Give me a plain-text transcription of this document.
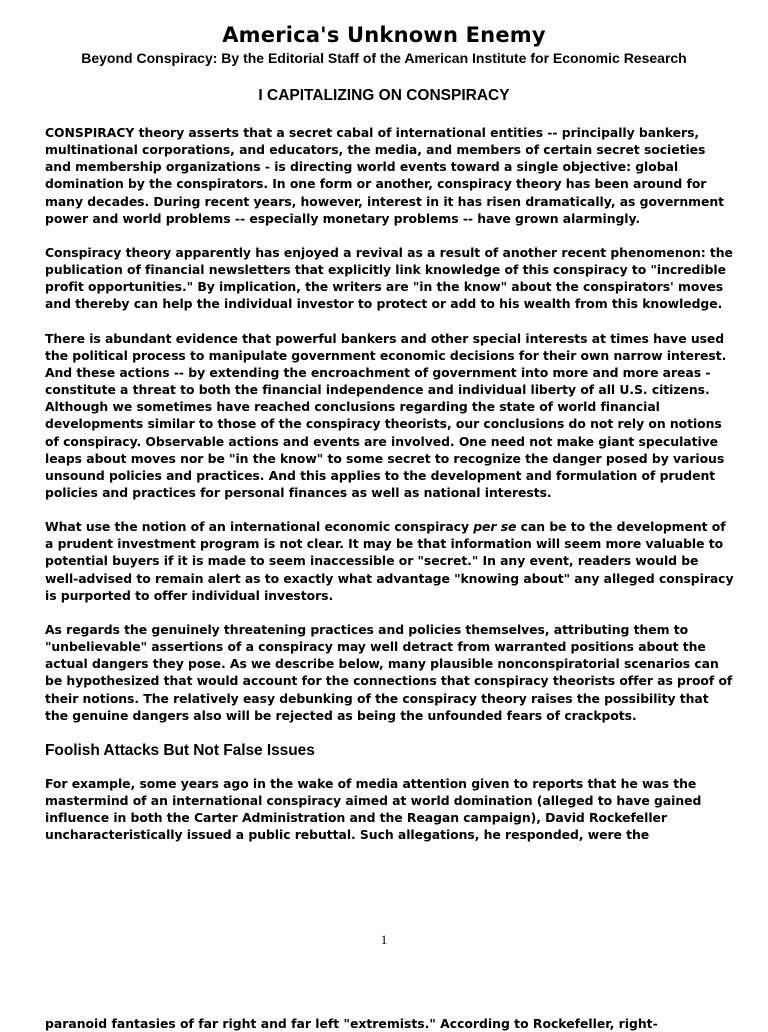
America's Unknown Enemy
Beyond Conspiracy: By the Editorial Staff of the American Institute for Economic Research
I CAPITALIZING ON CONSPIRACY

CONSPIRACY theory asserts that a secret cabal of international entities -- principally bankers, multinational corporations, and educators, the media, and members of certain secret societies and membership organizations - is directing world events toward a single objective: global domination by the conspirators. In one form or another, conspiracy theory has been around for many decades. During recent years, however, interest in it has risen dramatically, as government power and world problems -- especially monetary problems -- have grown alarmingly.

Conspiracy theory apparently has enjoyed a revival as a result of another recent phenomenon: the publication of financial newsletters that explicitly link knowledge of this conspiracy to "incredible profit opportunities." By implication, the writers are "in the know" about the conspirators' moves and thereby can help the individual investor to protect or add to his wealth from this knowledge.

There is abundant evidence that powerful bankers and other special interests at times have used the political process to manipulate government economic decisions for their own narrow interest. And these actions -- by extending the encroachment of government into more and more areas - constitute a threat to both the financial independence and individual liberty of all U.S. citizens. Although we sometimes have reached conclusions regarding the state of world financial developments similar to those of the conspiracy theorists, our conclusions do not rely on notions of conspiracy. Observable actions and events are involved. One need not make giant speculative leaps about moves nor be "in the know" to some secret to recognize the danger posed by various unsound policies and practices. And this applies to the development and formulation of prudent policies and practices for personal finances as well as national interests.

What use the notion of an international economic conspiracy per se can be to the development of a prudent investment program is not clear. It may be that information will seem more valuable to potential buyers if it is made to seem inaccessible or "secret." In any event, readers would be well-advised to remain alert as to exactly what advantage "knowing about" any alleged conspiracy is purported to offer individual investors.

As regards the genuinely threatening practices and policies themselves, attributing them to "unbelievable" assertions of a conspiracy may well detract from warranted positions about the actual dangers they pose. As we describe below, many plausible nonconspiratorial scenarios can be hypothesized that would account for the connections that conspiracy theorists offer as proof of their notions. The relatively easy debunking of the conspiracy theory raises the possibility that the genuine dangers also will be rejected as being the unfounded fears of crackpots.

Foolish Attacks But Not False Issues

For example, some years ago in the wake of media attention given to reports that he was the mastermind of an international conspiracy aimed at world domination (alleged to have gained influence in both the Carter Administration and the Reagan campaign), David Rockefeller uncharacteristically issued a public rebuttal. Such allegations, he responded, were the

1
paranoid fantasies of far right and far left "extremists." According to Rockefeller, right-
